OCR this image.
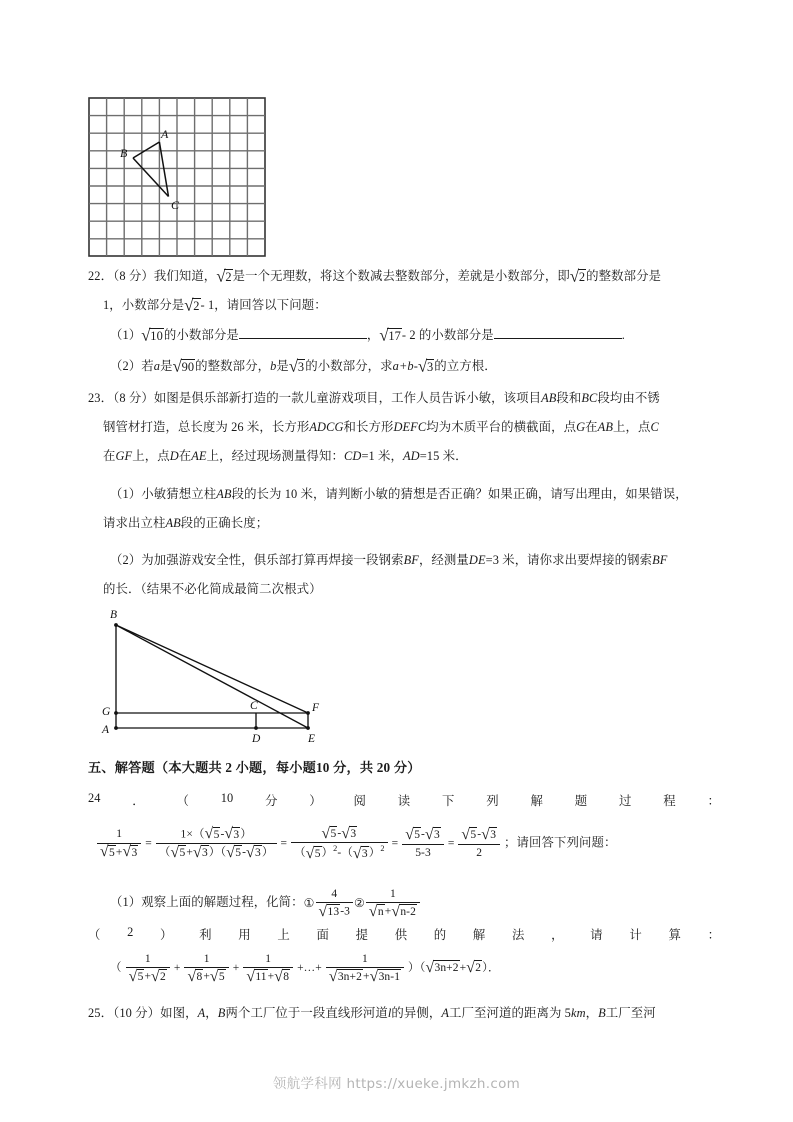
A
B
C
22．（8 分）我们知道， √ 2是一个无理数，将这个数减去整数部分，差就是小数部分，即 √ 2的整数部分是
1，小数部分是 √ 2- 1，请回答以下问题：
（1） √ 10的小数部分是	， √ 17- 2 的小数部分是	.
（2）若a是 √ 90的整数部分，b是 √ 3的小数部分，求a+b- √ 3的立方根．
23．（8 分）如图是俱乐部新打造的一款儿童游戏项目，工作人员告诉小敏，该项目AB段和BC段均由不锈
钢管材打造，总长度为 26 米，长方形ADCG和长方形DEFC均为木质平台的横截面，点G在AB上，点C
在GF上，点D在AE上，经过现场测量得知：CD=1 米，AD=15 米．
（1）小敏猜想立柱AB段的长为 10 米，请判断小敏的猜想是否正确？如果正确，请写出理由，如果错误，
请求出立柱AB段的正确长度；
（2）为加强游戏安全性，俱乐部打算再焊接一段钢索BF，经测量DE=3 米，请你求出要焊接的钢索BF
的长．（结果不必化简成最简二次根式）
B
G
A
C
D
F
E
五、解答题（本大题共 2 小题，每小题10 分，共 20 分）
24	．	（	10	分	）	阅	读	下	列	解	题	过	程	：
$\frac{1}{√ 5+ √ 3} = \frac{1\times( √ 5- √ 3)}{( √ 5+ √ 3)( √ 5- √ 3)} = \frac{√ 5- √ 3}{( √ 5)^2-( √ 3)^2} = \frac{√ 5- √ 3}{5-3} = \frac{√ 5- √ 3}{2}$ ；请回答下列问题：
（1）观察上面的解题过程，化简：① $\frac{4}{√ 13-3}$ ② $\frac{1}{√ n+ √ n-2}$
（ 2 ） 利 用 上 面 提 供 的 解 法 ， 请 计 算 ：
（ $\frac{1}{√ 5+ √ 2} + \frac{1}{√ 8+ √ 5} + \frac{1}{√ 11+ √ 8}$ +…+ $\frac{1}{√ 3n+2+ √ 3n-1}$ ）（ √ 3n+2+ √ 2）．
25．（10 分）如图，A，B两个工厂位于一段直线形河道l的异侧，A工厂至河道的距离为 5km，B工厂至河
领航学科网 https://xueke.jmkzh.com
